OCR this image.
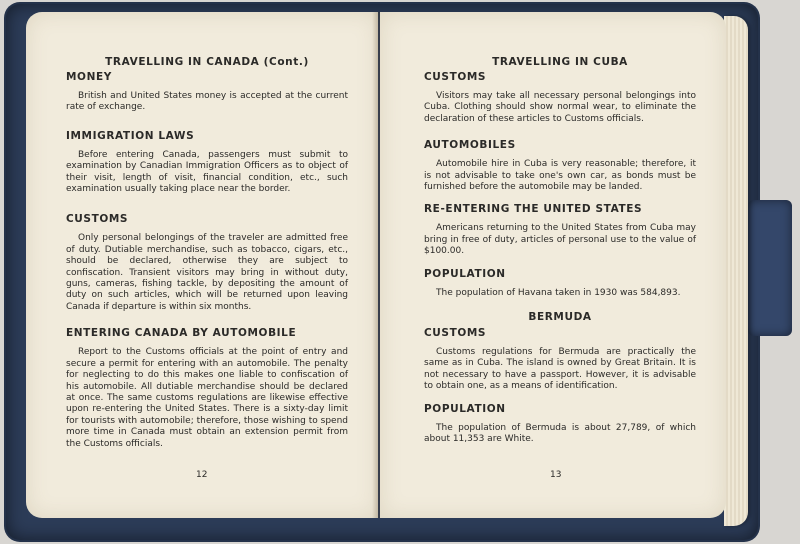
TRAVELLING IN CANADA (Cont.)
MONEY

British and United States money is accepted at the current rate of exchange.

IMMIGRATION LAWS

Before entering Canada, passengers must submit to examination by Canadian Immigration Officers as to object of their visit, length of visit, financial condition, etc., such examination usually taking place near the border.

CUSTOMS

Only personal belongings of the traveler are admitted free of duty. Dutiable merchandise, such as tobacco, cigars, etc., should be declared, otherwise they are subject to confiscation. Transient visitors may bring in without duty, guns, cameras, fishing tackle, by depositing the amount of duty on such articles, which will be returned upon leaving Canada if departure is within six months.

ENTERING CANADA BY AUTOMOBILE

Report to the Customs officials at the point of entry and secure a permit for entering with an automobile. The penalty for neglecting to do this makes one liable to confiscation of his automobile. All dutiable merchandise should be declared at once. The same customs regulations are likewise effective upon re-entering the United States. There is a sixty-day limit for tourists with automobile; therefore, those wishing to spend more time in Canada must obtain an extension permit from the Customs officials.

12
TRAVELLING IN CUBA
CUSTOMS

Visitors may take all necessary personal belongings into Cuba. Clothing should show normal wear, to eliminate the declaration of these articles to Customs officials.

AUTOMOBILES

Automobile hire in Cuba is very reasonable; therefore, it is not advisable to take one's own car, as bonds must be furnished before the automobile may be landed.

RE-ENTERING THE UNITED STATES

Americans returning to the United States from Cuba may bring in free of duty, articles of personal use to the value of $100.00.

POPULATION

The population of Havana taken in 1930 was 584,893.

BERMUDA
CUSTOMS

Customs regulations for Bermuda are practically the same as in Cuba. The island is owned by Great Britain. It is not necessary to have a passport. However, it is advisable to obtain one, as a means of identification.

POPULATION

The population of Bermuda is about 27,789, of which about 11,353 are White.

13
